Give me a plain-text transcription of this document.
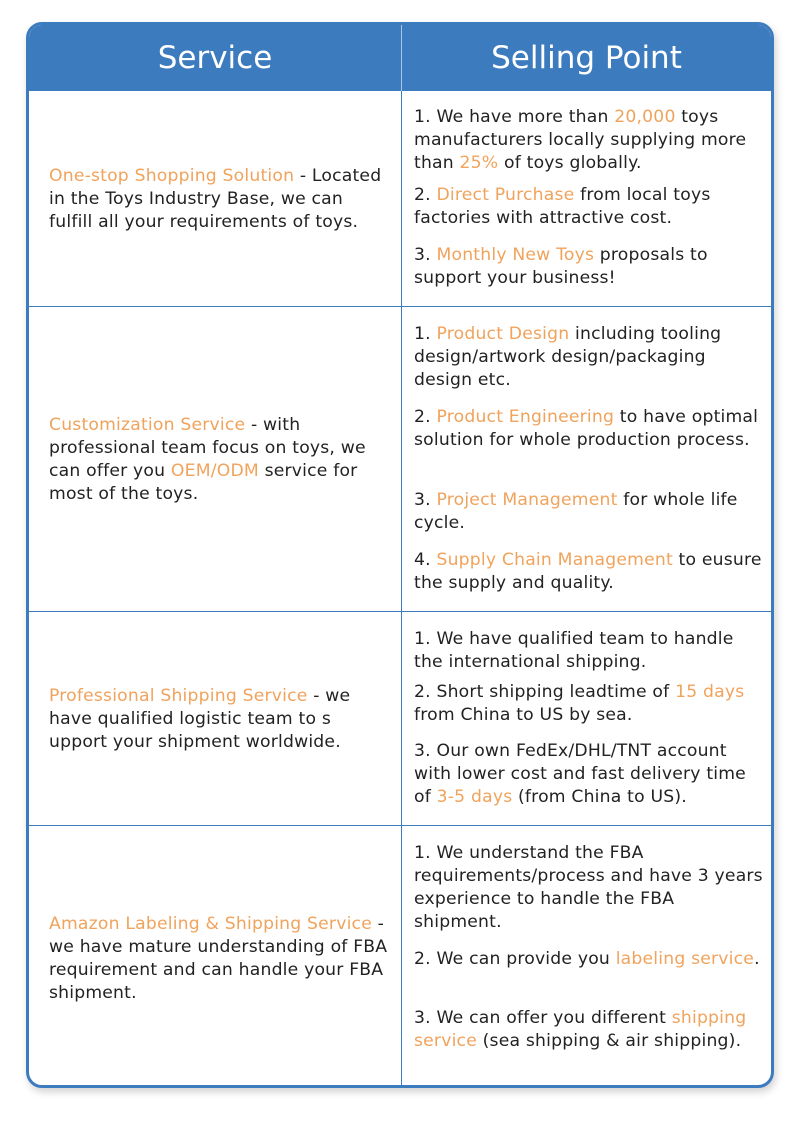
Service	Selling Point
One-stop Shopping Solution - Located in the Toys Industry Base, we can fulfill all your requirements of toys.

1. We have more than 20,000 toys manufacturers locally supplying more than 25% of toys globally.

2. Direct Purchase from local toys factories with attractive cost.

3. Monthly New Toys proposals to support your business!

Customization Service - with professional team focus on toys, we can offer you OEM/ODM service for most of the toys.

1. Product Design including tooling design/artwork design/packaging design etc.

2. Product Engineering to have optimal solution for whole production process.

3. Project Management for whole life cycle.

4. Supply Chain Management to eusure the supply and quality.

Professional Shipping Service - we have qualified logistic team to s upport your shipment worldwide.

1. We have qualified team to handle the international shipping.

2. Short shipping leadtime of 15 days from China to US by sea.

3. Our own FedEx/DHL/TNT account with lower cost and fast delivery time of 3-5 days (from China to US).

Amazon Labeling & Shipping Service - we have mature understanding of FBA requirement and can handle your FBA shipment.

1. We understand the FBA requirements/process and have 3 years experience to handle the FBA shipment.

2. We can provide you labeling service.

3. We can offer you different shipping service (sea shipping & air shipping).
